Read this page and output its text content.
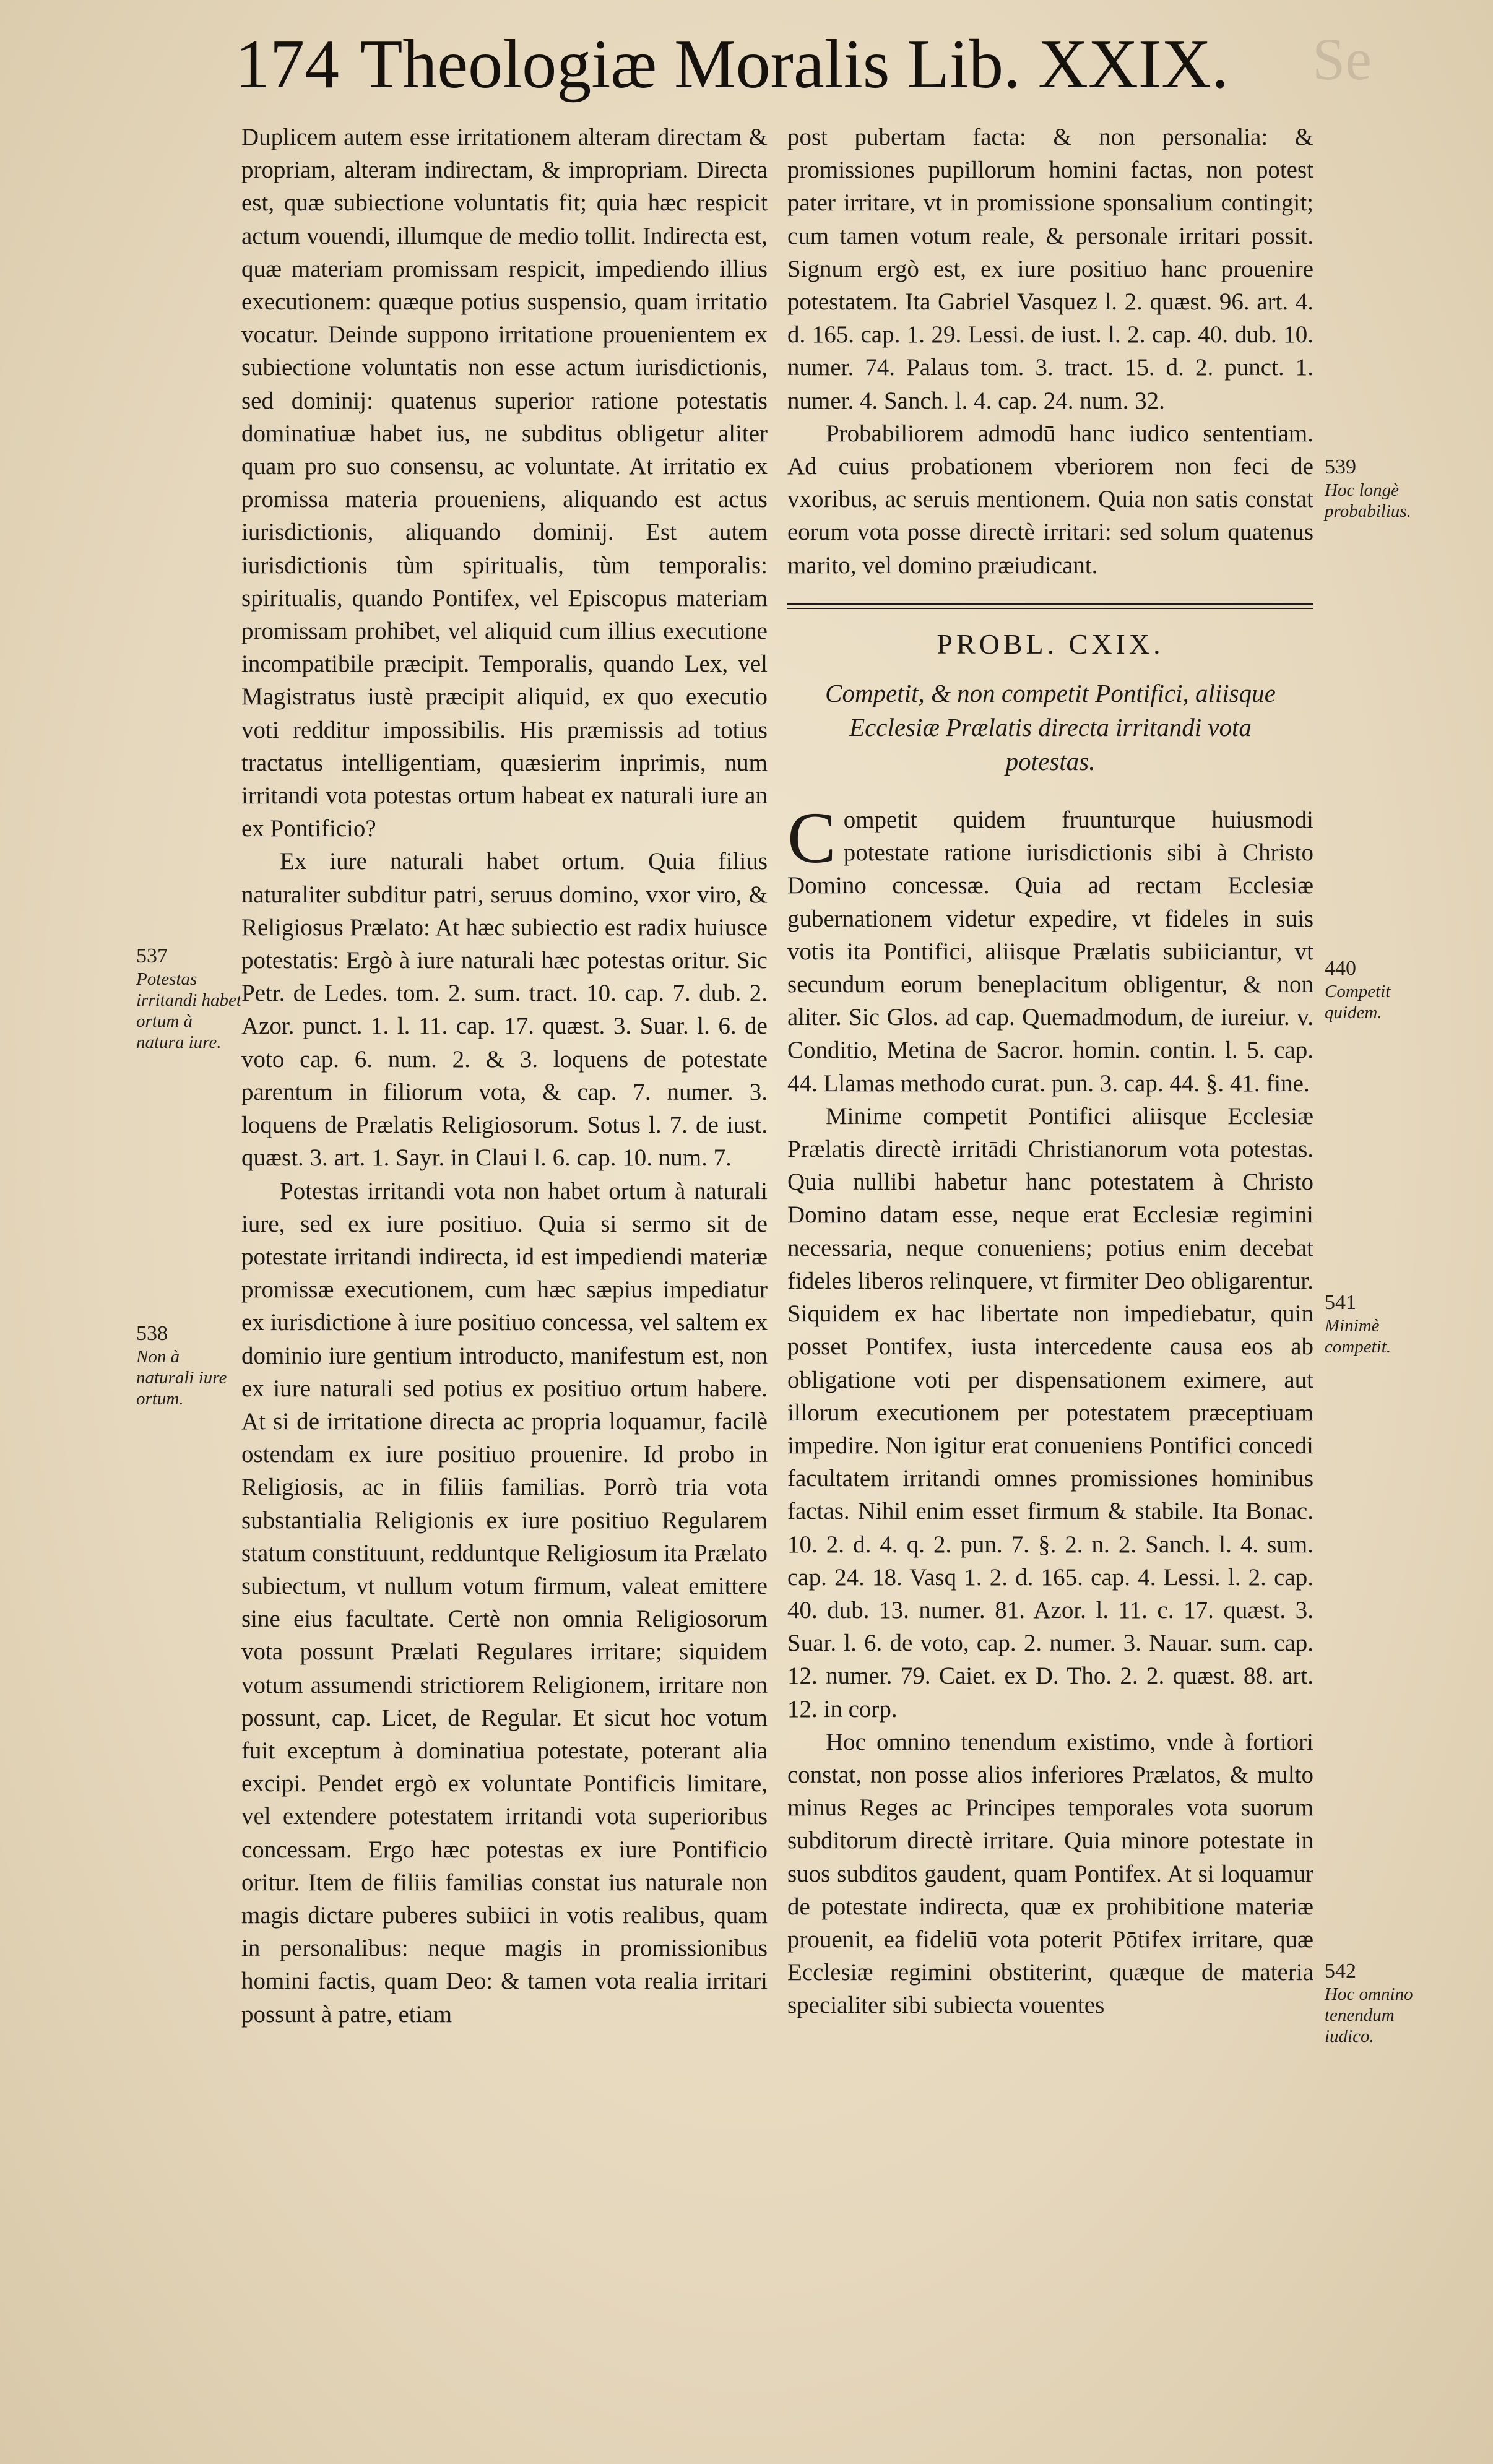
174 Theologiæ Moralis Lib. XXIX. Se

Duplicem autem esse irritationem alteram directam & propriam, alteram indirectam, & impropriam. Directa est, quæ subiectione voluntatis fit; quia hæc respicit actum vouendi, illumque de medio tollit. Indirecta est, quæ materiam promissam respicit, impediendo illius executionem: quæque potius suspensio, quam irritatio vocatur. Deinde suppono irritatione prouenientem ex subiectione voluntatis non esse actum iurisdictionis, sed dominij: quatenus superior ratione potestatis dominatiuæ habet ius, ne subditus obligetur aliter quam pro suo consensu, ac voluntate. At irritatio ex promissa materia proueniens, aliquando est actus iurisdictionis, aliquando dominij. Est autem iurisdictionis tùm spiritualis, tùm temporalis: spiritualis, quando Pontifex, vel Episcopus materiam promissam prohibet, vel aliquid cum illius executione incompatibile præcipit. Temporalis, quando Lex, vel Magistratus iustè præcipit aliquid, ex quo executio voti redditur impossibilis. His præmissis ad totius tractatus intelligentiam, quæsierim inprimis, num irritandi vota potestas ortum habeat ex naturali iure an ex Pontificio?

Ex iure naturali habet ortum. Quia filius naturaliter subditur patri, seruus domino, vxor viro, & Religiosus Prælato: At hæc subiectio est radix huiusce potestatis: Ergò à iure naturali hæc potestas oritur. Sic Petr. de Ledes. tom. 2. sum. tract. 10. cap. 7. dub. 2. Azor. punct. 1. l. 11. cap. 17. quæst. 3. Suar. l. 6. de voto cap. 6. num. 2. & 3. loquens de potestate parentum in filiorum vota, & cap. 7. numer. 3. loquens de Prælatis Religiosorum. Sotus l. 7. de iust. quæst. 3. art. 1. Sayr. in Claui l. 6. cap. 10. num. 7.

Potestas irritandi vota non habet ortum à naturali iure, sed ex iure positiuo. Quia si sermo sit de potestate irritandi indirecta, id est impediendi materiæ promissæ executionem, cum hæc sæpius impediatur ex iurisdictione à iure positiuo concessa, vel saltem ex dominio iure gentium introducto, manifestum est, non ex iure naturali sed potius ex positiuo ortum habere. At si de irritatione directa ac propria loquamur, facilè ostendam ex iure positiuo prouenire. Id probo in Religiosis, ac in filiis familias. Porrò tria vota substantialia Religionis ex iure positiuo Regularem statum constituunt, redduntque Religiosum ita Prælato subiectum, vt nullum votum firmum, valeat emittere sine eius facultate. Certè non omnia Religiosorum vota possunt Prælati Regulares irritare; siquidem votum assumendi strictiorem Religionem, irritare non possunt, cap. Licet, de Regular. Et sicut hoc votum fuit exceptum à dominatiua potestate, poterant alia excipi. Pendet ergò ex voluntate Pontificis limitare, vel extendere potestatem irritandi vota superioribus concessam. Ergo hæc potestas ex iure Pontificio oritur. Item de filiis familias constat ius naturale non magis dictare puberes subiici in votis realibus, quam in personalibus: neque magis in promissionibus homini factis, quam Deo: & tamen vota realia irritari possunt à patre, etiam

post pubertam facta: & non personalia: & promissiones pupillorum homini factas, non potest pater irritare, vt in promissione sponsalium contingit; cum tamen votum reale, & personale irritari possit. Signum ergò est, ex iure positiuo hanc prouenire potestatem. Ita Gabriel Vasquez l. 2. quæst. 96. art. 4. d. 165. cap. 1. 29. Lessi. de iust. l. 2. cap. 40. dub. 10. numer. 74. Palaus tom. 3. tract. 15. d. 2. punct. 1. numer. 4. Sanch. l. 4. cap. 24. num. 32.

Probabiliorem admodū hanc iudico sententiam. Ad cuius probationem vberiorem non feci de vxoribus, ac seruis mentionem. Quia non satis constat eorum vota posse directè irritari: sed solum quatenus marito, vel domino præiudicant.

PROBL. CXIX.
Competit, & non competit Pontifici, aliisque Ecclesiæ Prælatis directa irritandi vota potestas.

Competit quidem fruunturque huiusmodi potestate ratione iurisdictionis sibi à Christo Domino concessæ. Quia ad rectam Ecclesiæ gubernationem videtur expedire, vt fideles in suis votis ita Pontifici, aliisque Prælatis subiiciantur, vt secundum eorum beneplacitum obligentur, & non aliter. Sic Glos. ad cap. Quemadmodum, de iureiur. v. Conditio, Metina de Sacror. homin. contin. l. 5. cap. 44. Llamas methodo curat. pun. 3. cap. 44. §. 41. fine.

Minime competit Pontifici aliisque Ecclesiæ Prælatis directè irritādi Christianorum vota potestas. Quia nullibi habetur hanc potestatem à Christo Domino datam esse, neque erat Ecclesiæ regimini necessaria, neque conueniens; potius enim decebat fideles liberos relinquere, vt firmiter Deo obligarentur. Siquidem ex hac libertate non impediebatur, quin posset Pontifex, iusta intercedente causa eos ab obligatione voti per dispensationem eximere, aut illorum executionem per potestatem præceptiuam impedire. Non igitur erat conueniens Pontifici concedi facultatem irritandi omnes promissiones hominibus factas. Nihil enim esset firmum & stabile. Ita Bonac. 10. 2. d. 4. q. 2. pun. 7. §. 2. n. 2. Sanch. l. 4. sum. cap. 24. 18. Vasq 1. 2. d. 165. cap. 4. Lessi. l. 2. cap. 40. dub. 13. numer. 81. Azor. l. 11. c. 17. quæst. 3. Suar. l. 6. de voto, cap. 2. numer. 3. Nauar. sum. cap. 12. numer. 79. Caiet. ex D. Tho. 2. 2. quæst. 88. art. 12. in corp.

Hoc omnino tenendum existimo, vnde à fortiori constat, non posse alios inferiores Prælatos, & multo minus Reges ac Principes temporales vota suorum subditorum directè irritare. Quia minore potestate in suos subditos gaudent, quam Pontifex. At si loquamur de potestate indirecta, quæ ex prohibitione materiæ prouenit, ea fideliū vota poterit Pōtifex irritare, quæ Ecclesiæ regimini obstiterint, quæque de materia specialiter sibi subiecta vouentes

537
Potestas irritandi habet ortum à natura iure.
538
Non à naturali iure ortum.
539
Hoc longè probabilius.
440
Competit quidem.
541
Minimè competit.
542
Hoc omnino tenendum iudico.
